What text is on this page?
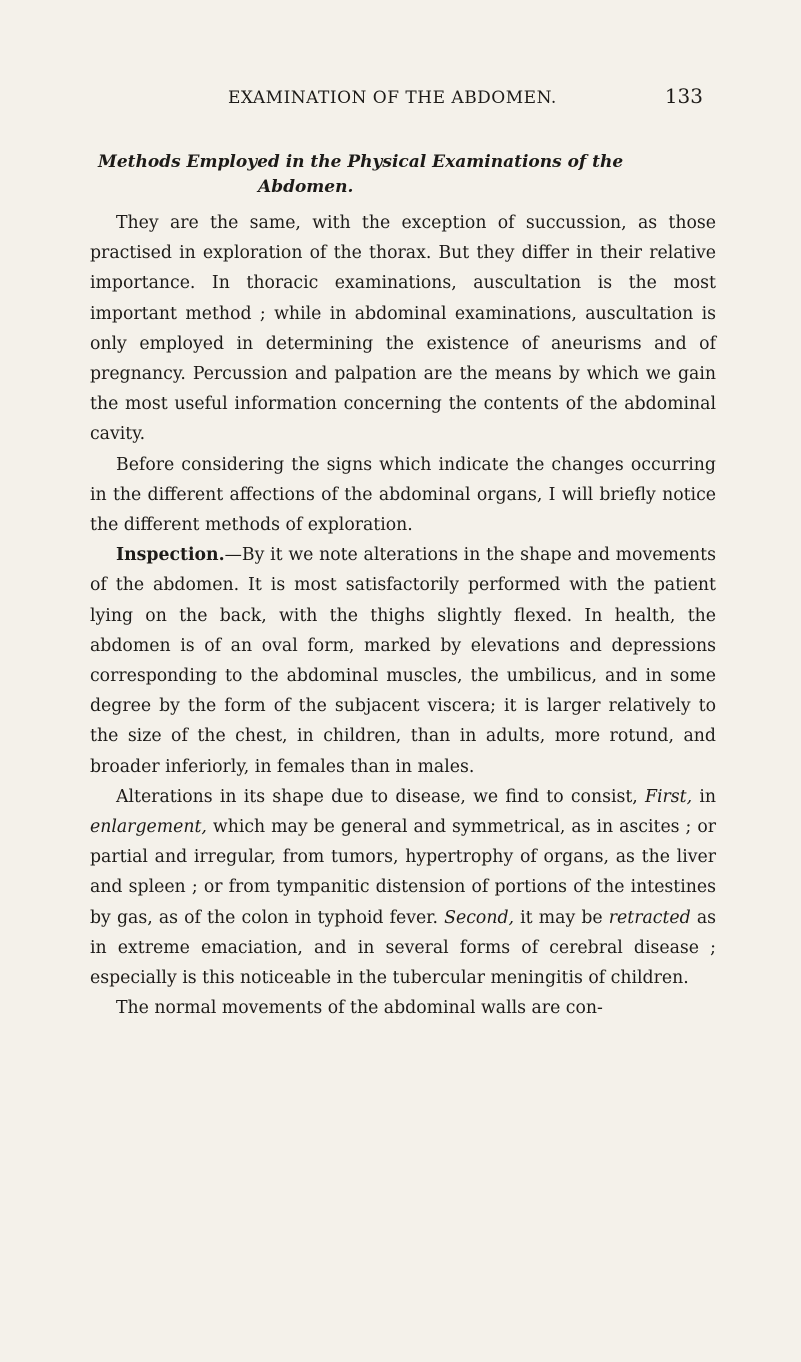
EXAMINATION OF THE ABDOMEN.	133
Methods Employed in the Physical Examinations of the
Abdomen.

They are the same, with the exception of succussion, as those practised in exploration of the thorax. But they differ in their relative importance. In thoracic examinations, auscultation is the most important method ; while in abdominal examinations, auscultation is only employed in determining the existence of aneurisms and of pregnancy. Percussion and palpation are the means by which we gain the most useful information concerning the contents of the abdominal cavity.

Before considering the signs which indicate the changes occurring in the different affections of the abdominal organs, I will briefly notice the different methods of exploration.

Inspection.—By it we note alterations in the shape and movements of the abdomen. It is most satisfactorily performed with the patient lying on the back, with the thighs slightly flexed. In health, the abdomen is of an oval form, marked by elevations and depressions corresponding to the abdominal muscles, the umbilicus, and in some degree by the form of the subjacent viscera; it is larger relatively to the size of the chest, in children, than in adults, more rotund, and broader inferiorly, in females than in males.

Alterations in its shape due to disease, we find to consist, First, in enlargement, which may be general and symmetrical, as in ascites ; or partial and irregular, from tumors, hypertrophy of organs, as the liver and spleen ; or from tympanitic distension of portions of the intestines by gas, as of the colon in typhoid fever. Second, it may be retracted as in extreme emaciation, and in several forms of cerebral disease ; especially is this noticeable in the tubercular meningitis of children.

The normal movements of the abdominal walls are con-
